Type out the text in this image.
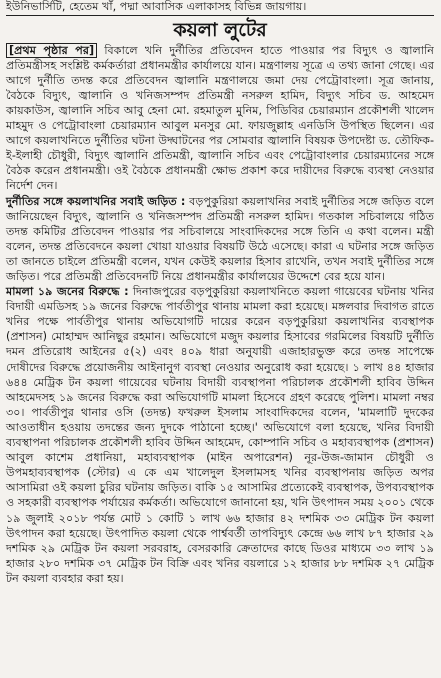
ইউনিভার্সিটি, হেতেম খাঁ, পদ্মা আবাসিক এলাকাসহ বিভিন্ন জায়গায়।

কয়লা লুটের

[প্রথম পৃষ্ঠার পর] বিকালে খনি দুর্নীতির প্রতিবেদন হাতে পাওয়ার পর বিদ্যুৎ ও জ্বালানি প্রতিমন্ত্রীসহ সংশ্লিষ্ট কর্মকর্তারা প্রধানমন্ত্রীর কার্যালয়ে যান। মন্ত্রণালয় সূত্রে এ তথ্য জানা গেছে। এর আগে দুর্নীতি তদন্ত করে প্রতিবেদন জ্বালানি মন্ত্রণালয়ে জমা দেয় পেট্রোবাংলা। সূত্র জানায়, বৈঠকে বিদ্যুৎ, জ্বালানি ও খনিজসম্পদ প্রতিমন্ত্রী নসরুল হামিদ, বিদ্যুৎ সচিব ড. আহমেদ কায়কাউস, জ্বালানি সচিব আবু হেনা মো. রহমাতুল মুনিম, পিডিবির চেয়ারম্যান প্রকৌশলী খালেদ মাহমুদ ও পেট্রোবাংলা চেয়ারম্যান আবুল মনসুর মো. ফায়জুল্লাহ এনডিসি উপস্থিত ছিলেন। এর আগে কয়লাখনিতে দুর্নীতির ঘটনা উদ্ঘাটনের পর সোমবার জ্বালানি বিষয়ক উপদেষ্টা ড. তৌফিক-ই-ইলাহী চৌধুরী, বিদ্যুৎ জ্বালানি প্রতিমন্ত্রী, জ্বালানি সচিব এবং পেট্রোবাংলার চেয়ারম্যানের সঙ্গে বৈঠক করেন প্রধানমন্ত্রী। ওই বৈঠকে প্রধানমন্ত্রী ক্ষোভ প্রকাশ করে দায়ীদের বিরুদ্ধে ব্যবস্থা নেওয়ার নির্দেশ দেন।

দুর্নীতির সঙ্গে কয়লাখনির সবাই জড়িত : বড়পুকুরিয়া কয়লাখনির সবাই দুর্নীতির সঙ্গে জড়িত বলে জানিয়েছেন বিদ্যুৎ, জ্বালানি ও খনিজসম্পদ প্রতিমন্ত্রী নসরুল হামিদ। গতকাল সচিবালয়ে গঠিত তদন্ত কমিটির প্রতিবেদন পাওয়ার পর সচিবালয়ে সাংবাদিকদের সঙ্গে তিনি এ কথা বলেন। মন্ত্রী বলেন, তদন্ত প্রতিবেদনে কয়লা খোয়া যাওয়ার বিষয়টি উঠে এসেছে। কারা এ ঘটনার সঙ্গে জড়িত তা জানতে চাইলে প্রতিমন্ত্রী বলেন, যখন কেউই কয়লার হিসাব রাখেনি, তখন সবাই দুর্নীতির সঙ্গে জড়িত। পরে প্রতিমন্ত্রী প্রতিবেদনটি নিয়ে প্রধানমন্ত্রীর কার্যালয়ের উদ্দেশে বের হয়ে যান।

মামলা ১৯ জনের বিরুদ্ধে : দিনাজপুরের বড়পুকুরিয়া কয়লাখনিতে কয়লা গায়েবের ঘটনায় খনির বিদায়ী এমডিসহ ১৯ জনের বিরুদ্ধে পার্বতীপুর থানায় মামলা করা হয়েছে। মঙ্গলবার দিবাগত রাতে খনির পক্ষে পার্বতীপুর থানায় অভিযোগটি দায়ের করেন বড়পুকুরিয়া কয়লাখনির ব্যবস্থাপক (প্রশাসন) মোহাম্মদ আনিছুর রহমান। অভিযোগে মজুদ কয়লার হিসাবের গরমিলের বিষয়টি দুর্নীতি দমন প্রতিরোধ আইনের ৫(২) এবং ৪০৯ ধারা অনুযায়ী এজাহারভুক্ত করে তদন্ত সাপেক্ষে দোষীদের বিরুদ্ধে প্রয়োজনীয় আইনানুগ ব্যবস্থা নেওয়ার অনুরোধ করা হয়েছে। ১ লাখ ৪৪ হাজার ৬৪৪ মেট্রিক টন কয়লা গায়েবের ঘটনায় বিদায়ী ব্যবস্থাপনা পরিচালক প্রকৌশলী হাবিব উদ্দিন আহমেদসহ ১৯ জনের বিরুদ্ধে করা অভিযোগটি মামলা হিসেবে গ্রহণ করেছে পুলিশ। মামলা নম্বর ৩০। পার্বতীপুর থানার ওসি (তদন্ত) ফখরুল ইসলাম সাংবাদিকদের বলেন, 'মামলাটি দুদকের আওতাধীন হওয়ায় তদন্তের জন্য দুদকে পাঠানো হচ্ছে।' অভিযোগে বলা হয়েছে, খনির বিদায়ী ব্যবস্থাপনা পরিচালক প্রকৌশলী হাবিব উদ্দিন আহমেদ, কোম্পানি সচিব ও মহাব্যবস্থাপক (প্রশাসন) আবুল কাশেম প্রধানিয়া, মহাব্যবস্থাপক (মাইন অপারেশন) নূর-উজ-জামান চৌধুরী ও উপমহাব্যবস্থাপক (স্টোর) এ কে এম খালেদুল ইসলামসহ খনির ব্যবস্থাপনায় জড়িত অপর আসামিরা ওই কয়লা চুরির ঘটনায় জড়িত। বাকি ১৫ আসামির প্রত্যেকেই ব্যবস্থাপক, উপব্যবস্থাপক ও সহকারী ব্যবস্থাপক পর্যায়ের কর্মকর্তা। অভিযোগে জানানো হয়, খনি উৎপাদন সময় ২০০১ থেকে ১৯ জুলাই ২০১৮ পর্যন্ত মোট ১ কোটি ১ লাখ ৬৬ হাজার ৪২ দশমিক ৩৩ মেট্রিক টন কয়লা উৎপাদন করা হয়েছে। উৎপাদিত কয়লা থেকে পার্শ্ববর্তী তাপবিদ্যুৎ কেন্দ্রে ৬৬ লাখ ৮৭ হাজার ২৯ দশমিক ২৯ মেট্রিক টন কয়লা সরবরাহ, বেসরকারি ক্রেতাদের কাছে ডিওর মাধ্যমে ৩৩ লাখ ১৯ হাজার ২৮০ দশমিক ৩৭ মেট্রিক টন বিক্রি এবং খনির বয়লারে ১২ হাজার ৮৮ দশমিক ২৭ মেট্রিক টন কয়লা ব্যবহার করা হয়।
